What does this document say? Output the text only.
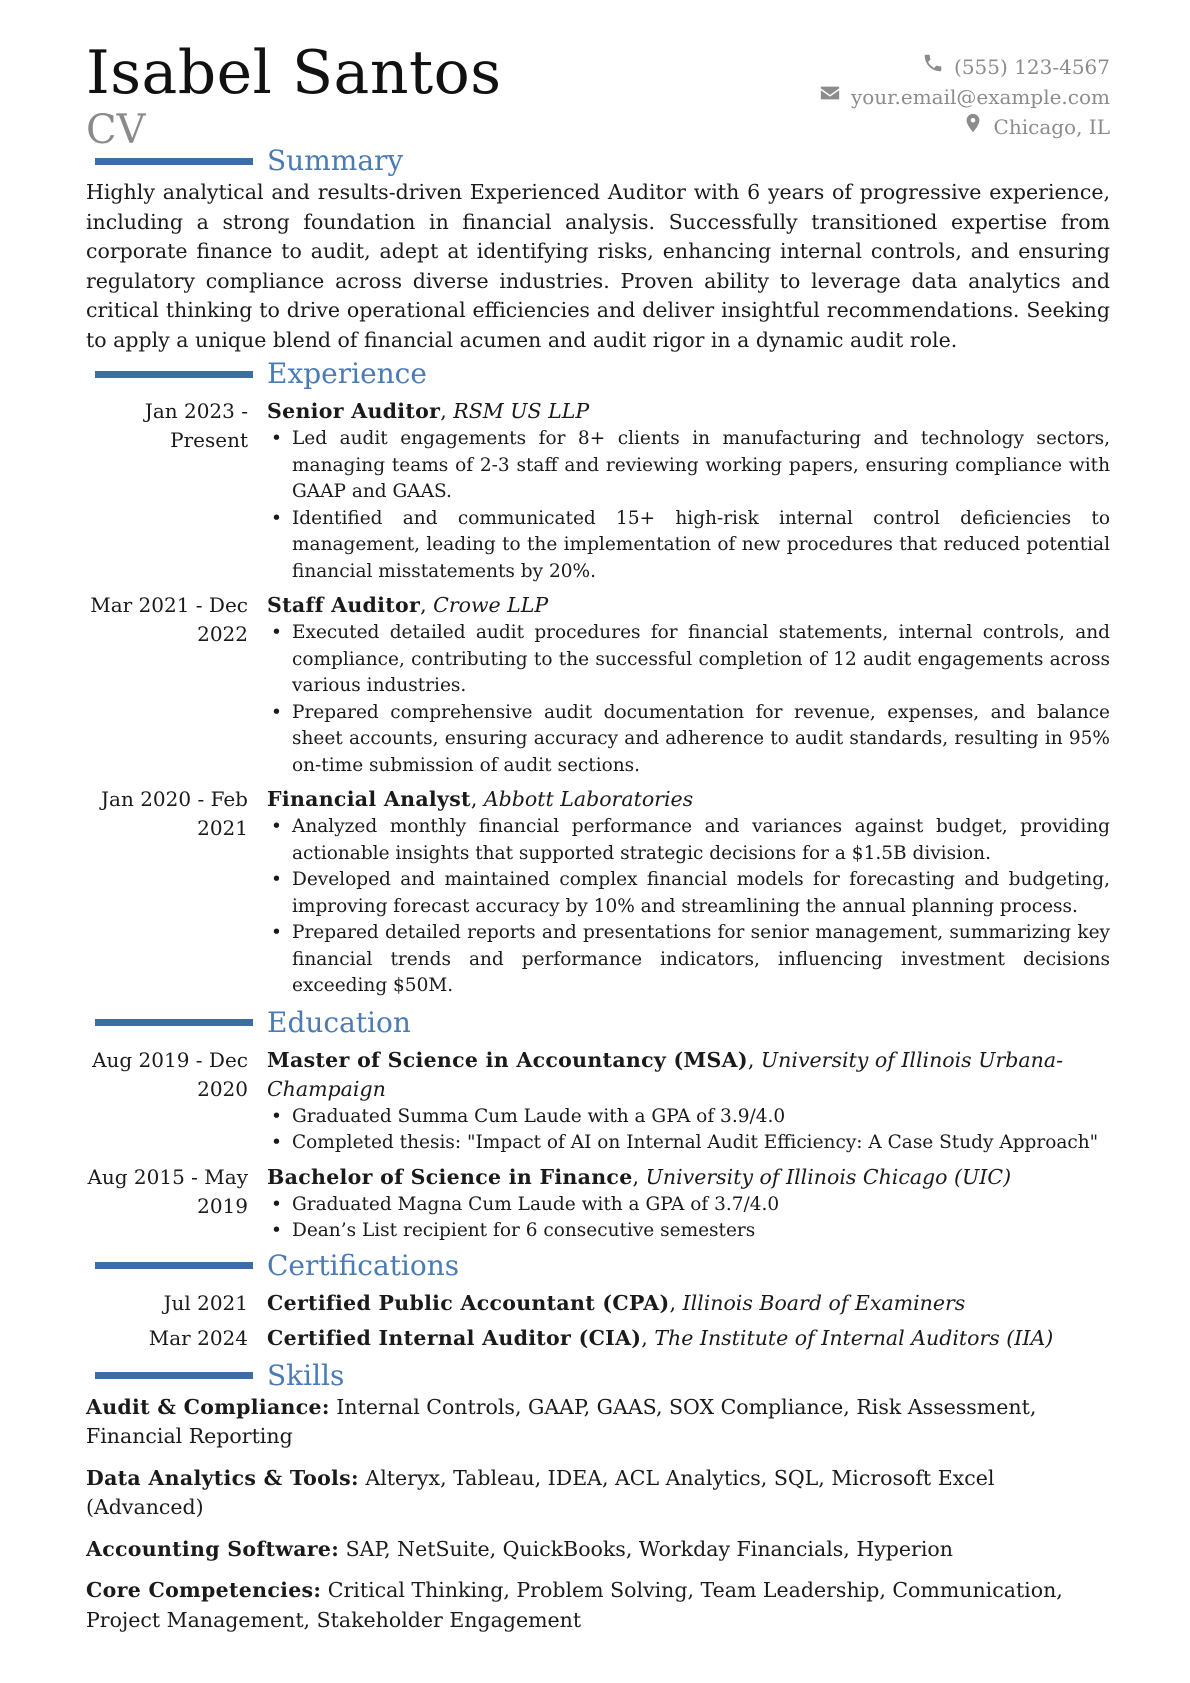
Isabel Santos
CV
(555) 123-4567
your.email@example.com
Chicago, IL
Summary

Highly analytical and results-driven Experienced Auditor with 6 years of progressive experience, including a strong foundation in financial analysis. Successfully transitioned expertise from corporate finance to audit, adept at identifying risks, enhancing internal controls, and ensuring regulatory compliance across diverse industries. Proven ability to leverage data analytics and critical thinking to drive operational efficiencies and deliver insightful recommendations. Seeking to apply a unique blend of financial acumen and audit rigor in a dynamic audit role.

Experience
Jan 2023 - Present
Senior Auditor, RSM US LLP
• Led audit engagements for 8+ clients in manufacturing and technology sectors, managing teams of 2-3 staff and reviewing working papers, ensuring compliance with GAAP and GAAS.
• Identified and communicated 15+ high-risk internal control deficiencies to management, leading to the implementation of new procedures that reduced potential financial misstatements by 20%.
Mar 2021 - Dec 2022
Staff Auditor, Crowe LLP
• Executed detailed audit procedures for financial statements, internal controls, and compliance, contributing to the successful completion of 12 audit engagements across various industries.
• Prepared comprehensive audit documentation for revenue, expenses, and balance sheet accounts, ensuring accuracy and adherence to audit standards, resulting in 95% on-time submission of audit sections.
Jan 2020 - Feb 2021
Financial Analyst, Abbott Laboratories
• Analyzed monthly financial performance and variances against budget, providing actionable insights that supported strategic decisions for a $1.5B division.
• Developed and maintained complex financial models for forecasting and budgeting, improving forecast accuracy by 10% and streamlining the annual planning process.
• Prepared detailed reports and presentations for senior management, summarizing key financial trends and performance indicators, influencing investment decisions exceeding $50M.
Education
Aug 2019 - Dec 2020
Master of Science in Accountancy (MSA), University of Illinois Urbana-Champaign
• Graduated Summa Cum Laude with a GPA of 3.9/4.0
• Completed thesis: "Impact of AI on Internal Audit Efficiency: A Case Study Approach"
Aug 2015 - May 2019
Bachelor of Science in Finance, University of Illinois Chicago (UIC)
• Graduated Magna Cum Laude with a GPA of 3.7/4.0
• Dean’s List recipient for 6 consecutive semesters
Certifications
Jul 2021 Certified Public Accountant (CPA), Illinois Board of Examiners
Mar 2024 Certified Internal Auditor (CIA), The Institute of Internal Auditors (IIA)
Skills

Audit & Compliance: Internal Controls, GAAP, GAAS, SOX Compliance, Risk Assessment, Financial Reporting

Data Analytics & Tools: Alteryx, Tableau, IDEA, ACL Analytics, SQL, Microsoft Excel (Advanced)

Accounting Software: SAP, NetSuite, QuickBooks, Workday Financials, Hyperion

Core Competencies: Critical Thinking, Problem Solving, Team Leadership, Communication, Project Management, Stakeholder Engagement
